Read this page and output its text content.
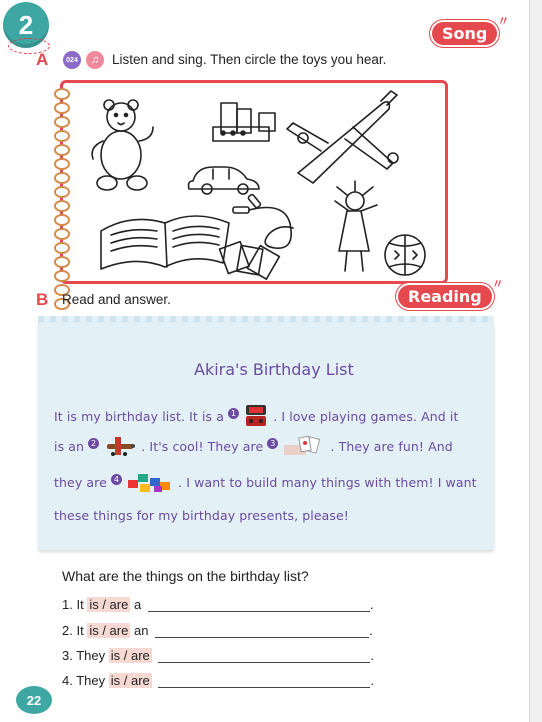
2
A	024	♫ Listen and sing. Then circle the toys you hear.
Song 〃
B Read and answer.	Reading 〃
Akira's Birthday List
It is my birthday list. It is a 1	. I love playing games. And it
is an 2	. It's cool! They are 3	. They are fun! And
they are 4	. I want to build many things with them! I want
these things for my birthday presents, please!
What are the things on the birthday list?
1. It is / are a	.
2. It is / are an	.
3. They is / are	.
4. They is / are	.
22
